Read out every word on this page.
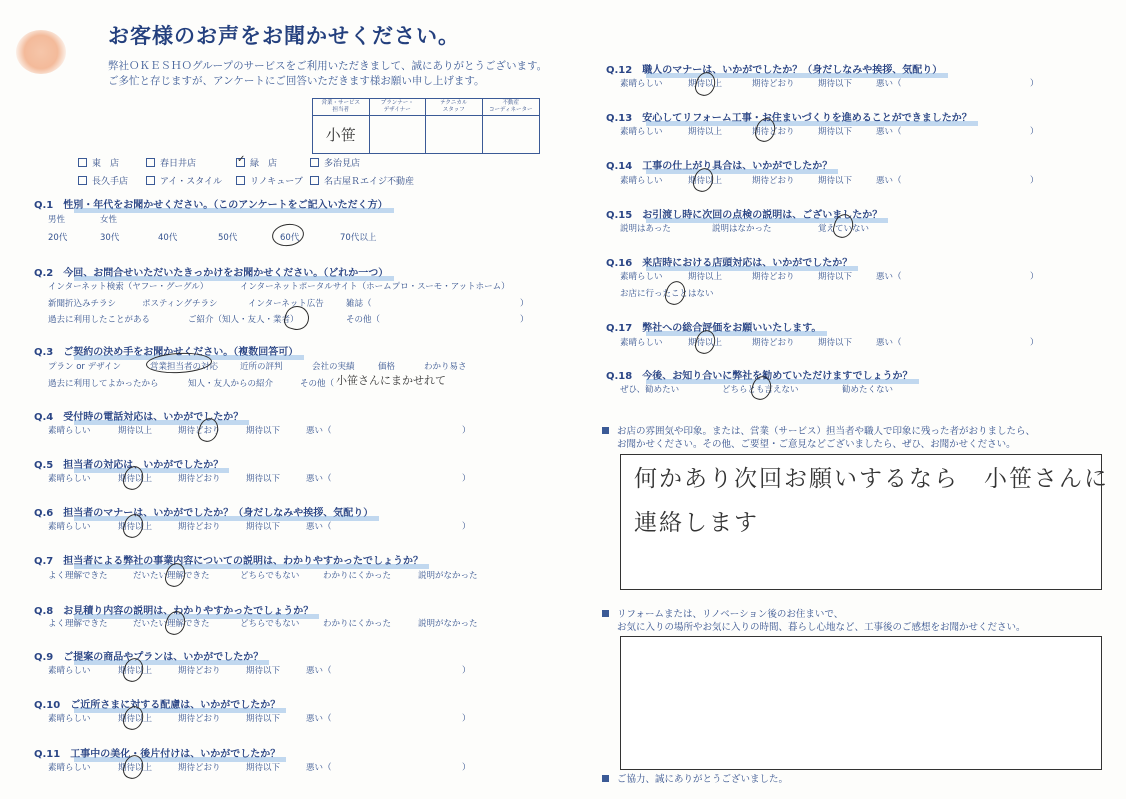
お客様のお声をお聞かせください。
弊社ＯＫＥＳＨＯグループのサービスをご利用いただきまして、誠にありがとうございます。
ご多忙と存じますが、アンケートにご回答いただきます様お願い申し上げます。
営業・サービス
担当者
小笹
プランナー・
デザイナー
テクニカル
スタッフ
不動産
コーディネーター
東　店	春日井店
✓	緑　店	多治見店
長久手店	アイ・スタイル	リノキューブ	名古屋Ｒエイジ不動産
Q.1　性別・年代をお聞かせください。（このアンケートをご記入いただく方）
男性	女性
20代	30代	40代	50代	60代	70代以上
Q.2　今回、お問合せいただいたきっかけをお聞かせください。（どれか一つ）
インターネット検索（ヤフー・グーグル）	インターネットポータルサイト（ホームプロ・スーモ・アットホーム）
新聞折込みチラシ	ポスティングチラシ	インターネット広告	雑誌（	）
過去に利用したことがある	ご紹介（知人・友人・業者）	その他（	）
Q.3　ご契約の決め手をお聞かせください。（複数回答可）
プラン or デザイン	営業担当者の対応	近所の評判	会社の実績	価格	わかり易さ
過去に利用してよかったから	知人・友人からの紹介	その他（ 小笹さんにまかせれて
Q.4　受付時の電話対応は、いかがでしたか？
素晴らしい	期待以上	期待どおり	期待以下	悪い（	）
Q.5　担当者の対応は、いかがでしたか？
素晴らしい	期待以上	期待どおり	期待以下	悪い（	）
Q.6　担当者のマナーは、いかがでしたか？（身だしなみや挨拶、気配り）
素晴らしい	期待以上	期待どおり	期待以下	悪い（	）
Q.7　担当者による弊社の事業内容についての説明は、わかりやすかったでしょうか？
よく理解できた	だいたい理解できた	どちらでもない	わかりにくかった	説明がなかった
Q.8　お見積り内容の説明は、わかりやすかったでしょうか？
よく理解できた	だいたい理解できた	どちらでもない	わかりにくかった	説明がなかった
Q.9　ご提案の商品やプランは、いかがでしたか？
素晴らしい	期待以上	期待どおり	期待以下	悪い（	）
Q.10　ご近所さまに対する配慮は、いかがでしたか？
素晴らしい	期待以上	期待どおり	期待以下	悪い（	）
Q.11　工事中の美化・後片付けは、いかがでしたか？
素晴らしい	期待以上	期待どおり	期待以下	悪い（	）
Q.12　職人のマナーは、いかがでしたか？（身だしなみや挨拶、気配り）
素晴らしい	期待以上	期待どおり	期待以下	悪い（	）
Q.13　安心してリフォーム工事・お住まいづくりを進めることができましたか？
素晴らしい	期待以上	期待どおり	期待以下	悪い（	）
Q.14　工事の仕上がり具合は、いかがでしたか？
素晴らしい	期待以上	期待どおり	期待以下	悪い（	）
Q.15　お引渡し時に次回の点検の説明は、ございましたか？
説明はあった	説明はなかった	覚えていない
Q.16　来店時における店頭対応は、いかがでしたか？
素晴らしい	期待以上	期待どおり	期待以下	悪い（	）
お店に行ったことはない
Q.17　弊社への総合評価をお願いいたします。
素晴らしい	期待以上	期待どおり	期待以下	悪い（	）
Q.18　今後、お知り合いに弊社を勧めていただけますでしょうか？
ぜひ、勧めたい	どちらとも言えない	勧めたくない
お店の雰囲気や印象。または、営業（サービス）担当者や職人で印象に残った者がおりましたら、
お聞かせください。その他、ご要望・ご意見などございましたら、ぜひ、お聞かせください。
何かあり次回お願いするなら　小笹さんに
連絡します
リフォームまたは、リノベーション後のお住まいで、
お気に入りの場所やお気に入りの時間、暮らし心地など、工事後のご感想をお聞かせください。
ご協力、誠にありがとうございました。
